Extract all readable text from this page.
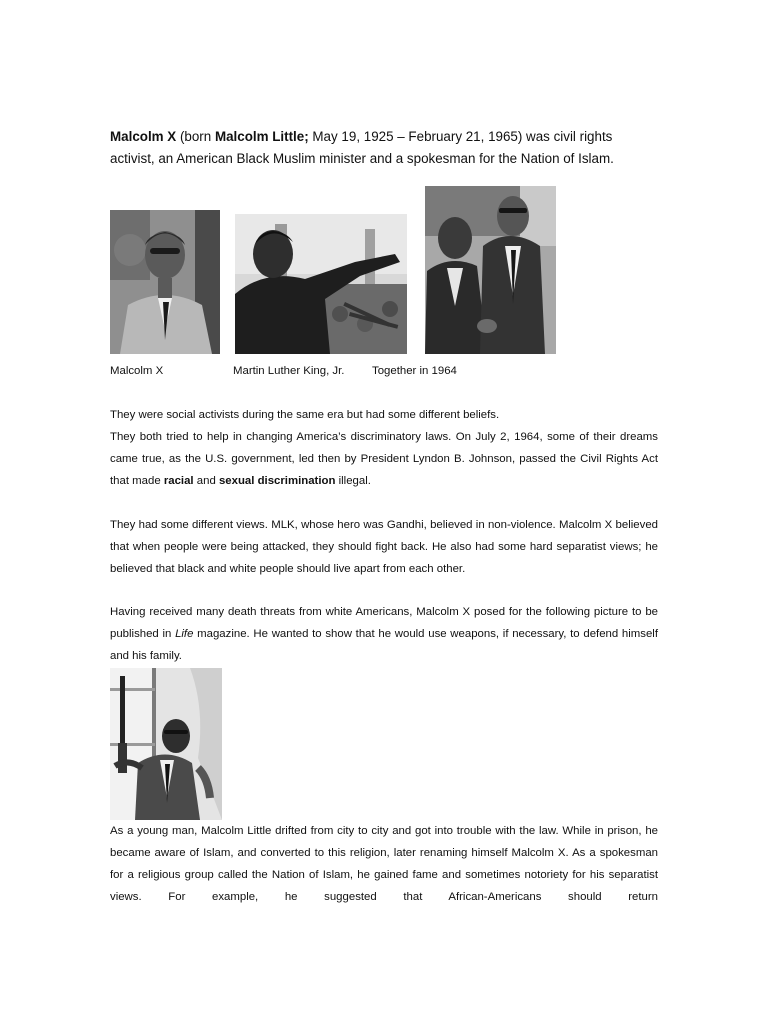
Malcolm X (born Malcolm Little; May 19, 1925 – February 21, 1965) was civil rights activist, an American Black Muslim minister and a spokesman for the Nation of Islam.

Malcolm X	Martin Luther King, Jr. Together in 1964

They were social activists during the same era but had some different beliefs.
They both tried to help in changing America’s discriminatory laws. On July 2, 1964, some of their dreams came true, as the U.S. government, led then by President Lyndon B. Johnson, passed the Civil Rights Act that made racial and sexual discrimination illegal.

They had some different views. MLK, whose hero was Gandhi, believed in non-violence. Malcolm X believed that when people were being attacked, they should fight back. He also had some hard separatist views; he believed that black and white people should live apart from each other.

Having received many death threats from white Americans, Malcolm X posed for the following picture to be published in Life magazine. He wanted to show that he would use weapons, if necessary, to defend himself and his family.

As a young man, Malcolm Little drifted from city to city and got into trouble with the law. While in prison, he became aware of Islam, and converted to this religion, later renaming himself Malcolm X. As a spokesman for a religious group called the Nation of Islam, he gained fame and sometimes notoriety for his separatist views. For example, he suggested that African-Americans should return
